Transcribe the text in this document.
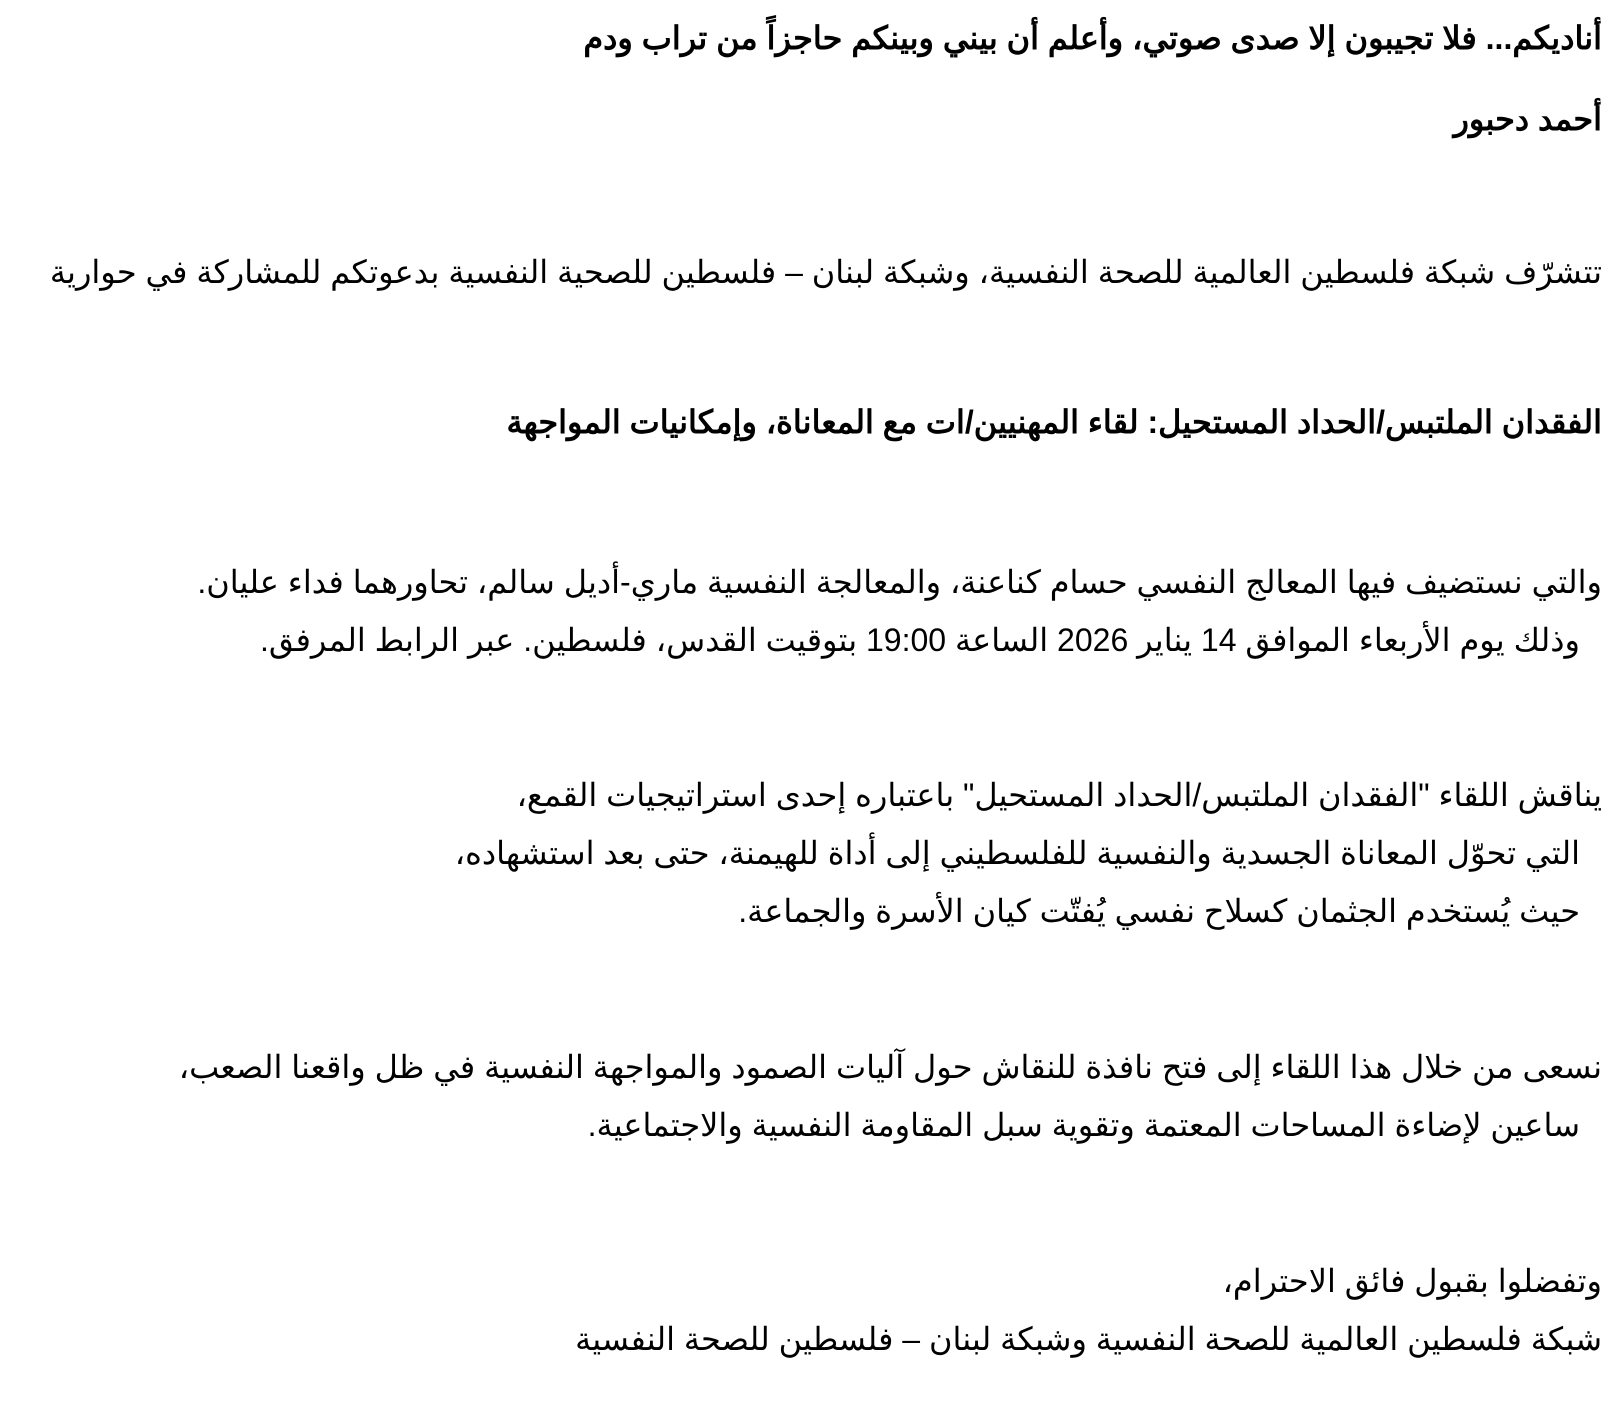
أناديكم... فلا تجيبون إلا صدى صوتي، وأعلم أن بيني وبينكم حاجزاً من تراب ودم
أحمد دحبور
تتشرّف شبكة فلسطين العالمية للصحة النفسية، وشبكة لبنان – فلسطين للصحية النفسية بدعوتكم للمشاركة في حوارية
الفقدان الملتبس/الحداد المستحيل: لقاء المهنيين/ات مع المعاناة، وإمكانيات المواجهة
والتي نستضيف فيها المعالج النفسي حسام كناعنة، والمعالجة النفسية ماري-أديل سالم، تحاورهما فداء عليان.
وذلك يوم الأربعاء الموافق 14 يناير 2026 الساعة 19:00 بتوقيت القدس، فلسطين. عبر الرابط المرفق.
يناقش اللقاء "الفقدان الملتبس/الحداد المستحيل" باعتباره إحدى استراتيجيات القمع،
التي تحوّل المعاناة الجسدية والنفسية للفلسطيني إلى أداة للهيمنة، حتى بعد استشهاده،
حيث يُستخدم الجثمان كسلاح نفسي يُفتّت كيان الأسرة والجماعة.
نسعى من خلال هذا اللقاء إلى فتح نافذة للنقاش حول آليات الصمود والمواجهة النفسية في ظل واقعنا الصعب،
ساعين لإضاءة المساحات المعتمة وتقوية سبل المقاومة النفسية والاجتماعية.
وتفضلوا بقبول فائق الاحترام،
شبكة فلسطين العالمية للصحة النفسية وشبكة لبنان – فلسطين للصحة النفسية
